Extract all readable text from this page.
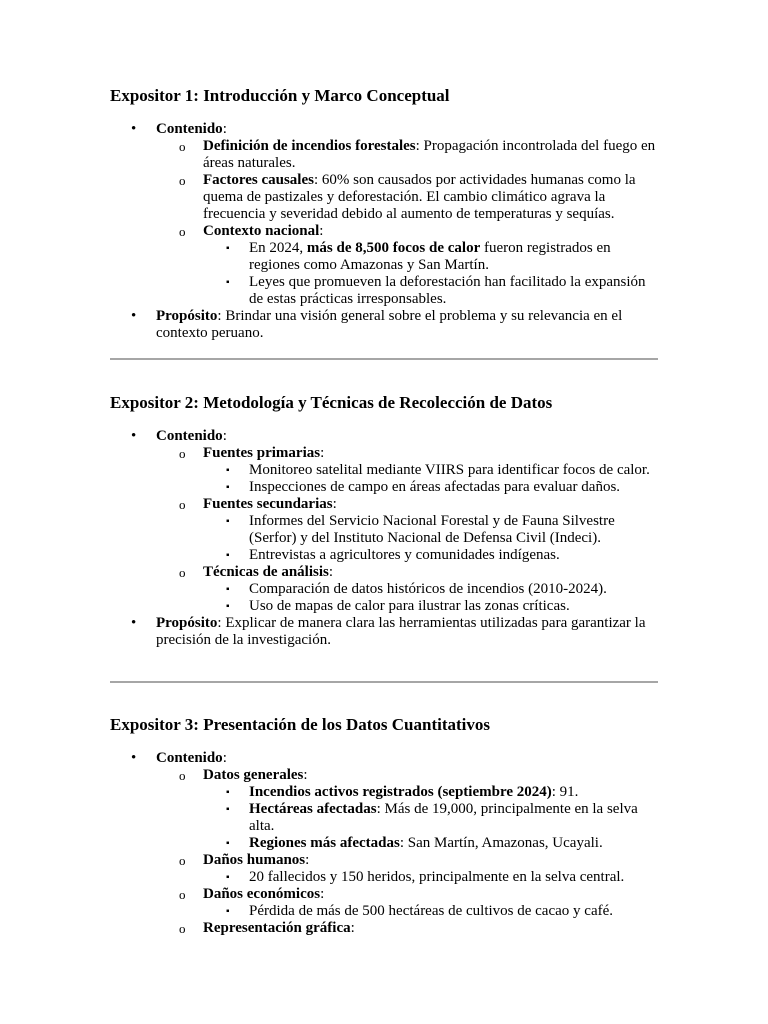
Expositor 1: Introducción y Marco Conceptual
• Contenido:
o Definición de incendios forestales: Propagación incontrolada del fuego en áreas naturales.
o Factores causales: 60% son causados por actividades humanas como la quema de pastizales y deforestación. El cambio climático agrava la frecuencia y severidad debido al aumento de temperaturas y sequías.
o Contexto nacional:
▪ En 2024, más de 8,500 focos de calor fueron registrados en regiones como Amazonas y San Martín.
▪ Leyes que promueven la deforestación han facilitado la expansión de estas prácticas irresponsables.
• Propósito: Brindar una visión general sobre el problema y su relevancia en el contexto peruano.
Expositor 2: Metodología y Técnicas de Recolección de Datos
• Contenido:
o Fuentes primarias:
▪ Monitoreo satelital mediante VIIRS para identificar focos de calor.
▪ Inspecciones de campo en áreas afectadas para evaluar daños.
o Fuentes secundarias:
▪ Informes del Servicio Nacional Forestal y de Fauna Silvestre (Serfor) y del Instituto Nacional de Defensa Civil (Indeci).
▪ Entrevistas a agricultores y comunidades indígenas.
o Técnicas de análisis:
▪ Comparación de datos históricos de incendios (2010-2024).
▪ Uso de mapas de calor para ilustrar las zonas críticas.
• Propósito: Explicar de manera clara las herramientas utilizadas para garantizar la precisión de la investigación.
Expositor 3: Presentación de los Datos Cuantitativos
• Contenido:
o Datos generales:
▪ Incendios activos registrados (septiembre 2024): 91.
▪ Hectáreas afectadas: Más de 19,000, principalmente en la selva alta.
▪ Regiones más afectadas: San Martín, Amazonas, Ucayali.
o Daños humanos:
▪ 20 fallecidos y 150 heridos, principalmente en la selva central.
o Daños económicos:
▪ Pérdida de más de 500 hectáreas de cultivos de cacao y café.
o Representación gráfica:
